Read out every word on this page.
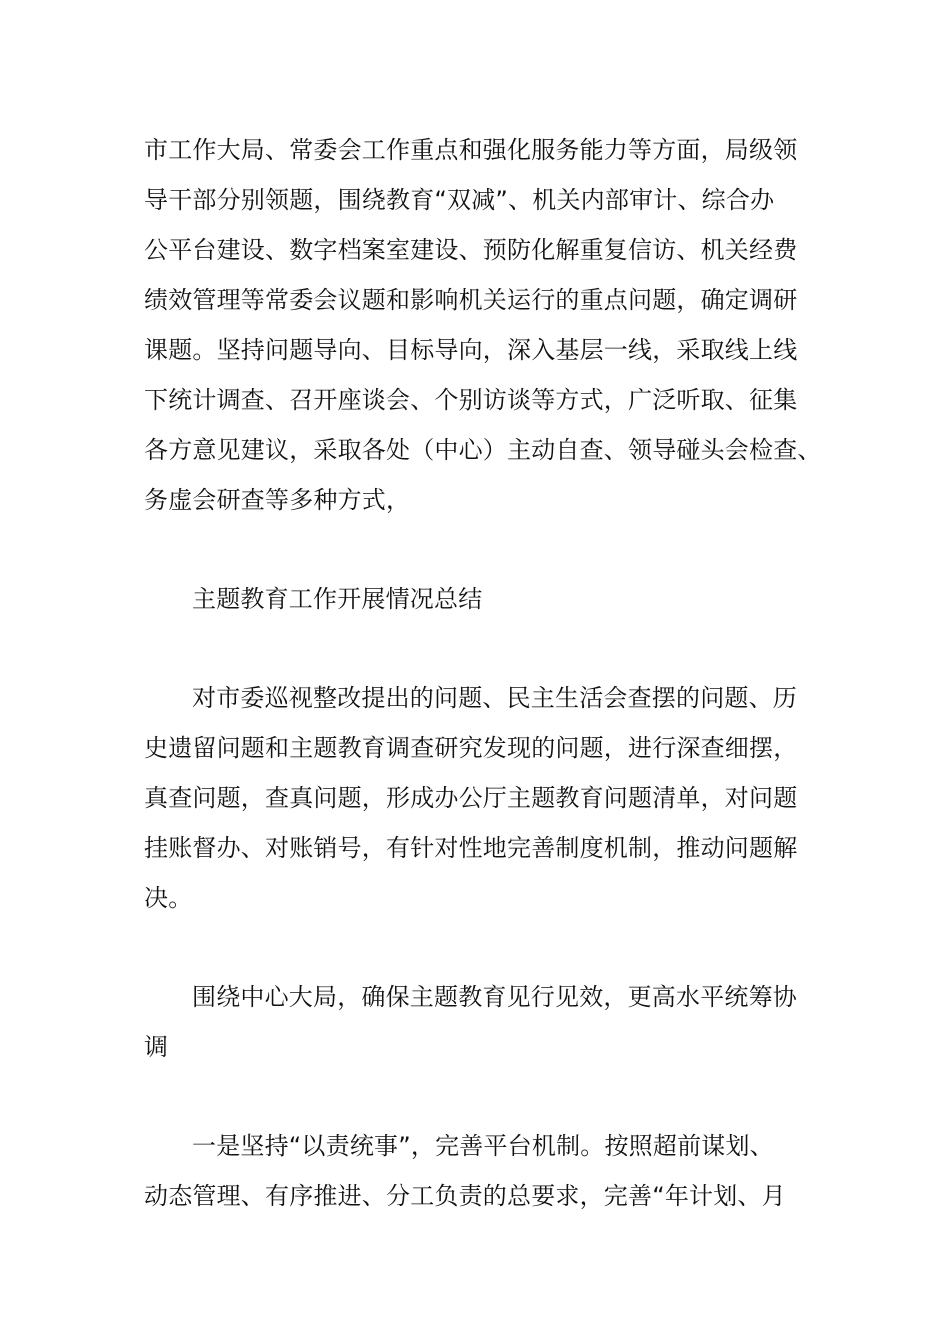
市工作大局、常委会工作重点和强化服务能力等方面，局级领
导干部分别领题，围绕教育“双减”、机关内部审计、综合办
公平台建设、数字档案室建设、预防化解重复信访、机关经费
绩效管理等常委会议题和影响机关运行的重点问题，确定调研
课题。坚持问题导向、目标导向，深入基层一线，采取线上线
下统计调查、召开座谈会、个别访谈等方式，广泛听取、征集
各方意见建议，采取各处（中心）主动自查、领导碰头会检查、
务虚会研查等多种方式，
主题教育工作开展情况总结
对市委巡视整改提出的问题、民主生活会查摆的问题、历
史遗留问题和主题教育调查研究发现的问题，进行深查细摆，
真查问题，查真问题，形成办公厅主题教育问题清单，对问题
挂账督办、对账销号，有针对性地完善制度机制，推动问题解
决。
围绕中心大局，确保主题教育见行见效，更高水平统筹协
调
一是坚持“以责统事”，完善平台机制。按照超前谋划、
动态管理、有序推进、分工负责的总要求，完善“年计划、月
